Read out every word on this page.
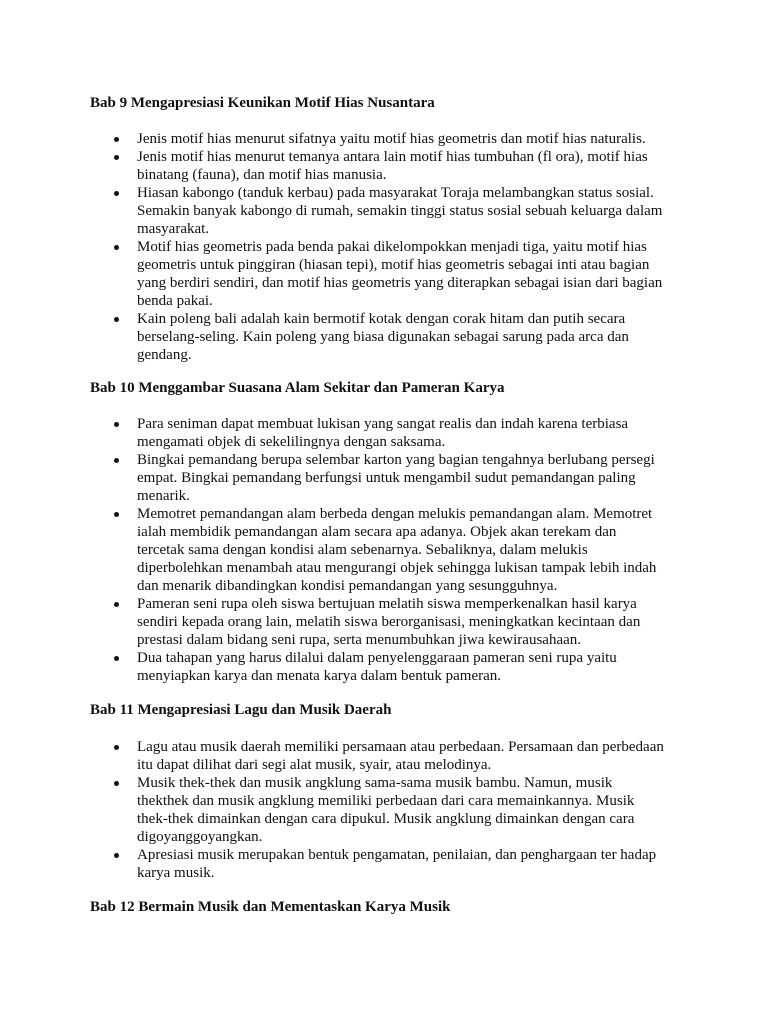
Bab 9 Mengapresiasi Keunikan Motif Hias Nusantara
Jenis motif hias menurut sifatnya yaitu motif hias geometris dan motif hias naturalis.
Jenis motif hias menurut temanya antara lain motif hias tumbuhan (fl ora), motif hias binatang (fauna), dan motif hias manusia.
Hiasan kabongo (tanduk kerbau) pada masyarakat Toraja melambangkan status sosial. Semakin banyak kabongo di rumah, semakin tinggi status sosial sebuah keluarga dalam masyarakat.
Motif hias geometris pada benda pakai dikelompokkan menjadi tiga, yaitu motif hias geometris untuk pinggiran (hiasan tepi), motif hias geometris sebagai inti atau bagian yang berdiri sendiri, dan motif hias geometris yang diterapkan sebagai isian dari bagian benda pakai.
Kain poleng bali adalah kain bermotif kotak dengan corak hitam dan putih secara berselang-seling. Kain poleng yang biasa digunakan sebagai sarung pada arca dan gendang.
Bab 10 Menggambar Suasana Alam Sekitar dan Pameran Karya
Para seniman dapat membuat lukisan yang sangat realis dan indah karena terbiasa mengamati objek di sekelilingnya dengan saksama.
Bingkai pemandang berupa selembar karton yang bagian tengahnya berlubang persegi empat. Bingkai pemandang berfungsi untuk mengambil sudut pemandangan paling menarik.
Memotret pemandangan alam berbeda dengan melukis pemandangan alam. Memotret ialah membidik pemandangan alam secara apa adanya. Objek akan terekam dan tercetak sama dengan kondisi alam sebenarnya. Sebaliknya, dalam melukis diperbolehkan menambah atau mengurangi objek sehingga lukisan tampak lebih indah dan menarik dibandingkan kondisi pemandangan yang sesungguhnya.
Pameran seni rupa oleh siswa bertujuan melatih siswa memperkenalkan hasil karya sendiri kepada orang lain, melatih siswa berorganisasi, meningkatkan kecintaan dan prestasi dalam bidang seni rupa, serta menumbuhkan jiwa kewirausahaan.
Dua tahapan yang harus dilalui dalam penyelenggaraan pameran seni rupa yaitu menyiapkan karya dan menata karya dalam bentuk pameran.
Bab 11 Mengapresiasi Lagu dan Musik Daerah
Lagu atau musik daerah memiliki persamaan atau perbedaan. Persamaan dan perbedaan itu dapat dilihat dari segi alat musik, syair, atau melodinya.
Musik thek-thek dan musik angklung sama-sama musik bambu. Namun, musik thekthek dan musik angklung memiliki perbedaan dari cara memainkannya. Musik thek-thek dimainkan dengan cara dipukul. Musik angklung dimainkan dengan cara digoyanggoyangkan.
Apresiasi musik merupakan bentuk pengamatan, penilaian, dan penghargaan ter hadap karya musik.
Bab 12 Bermain Musik dan Mementaskan Karya Musik
